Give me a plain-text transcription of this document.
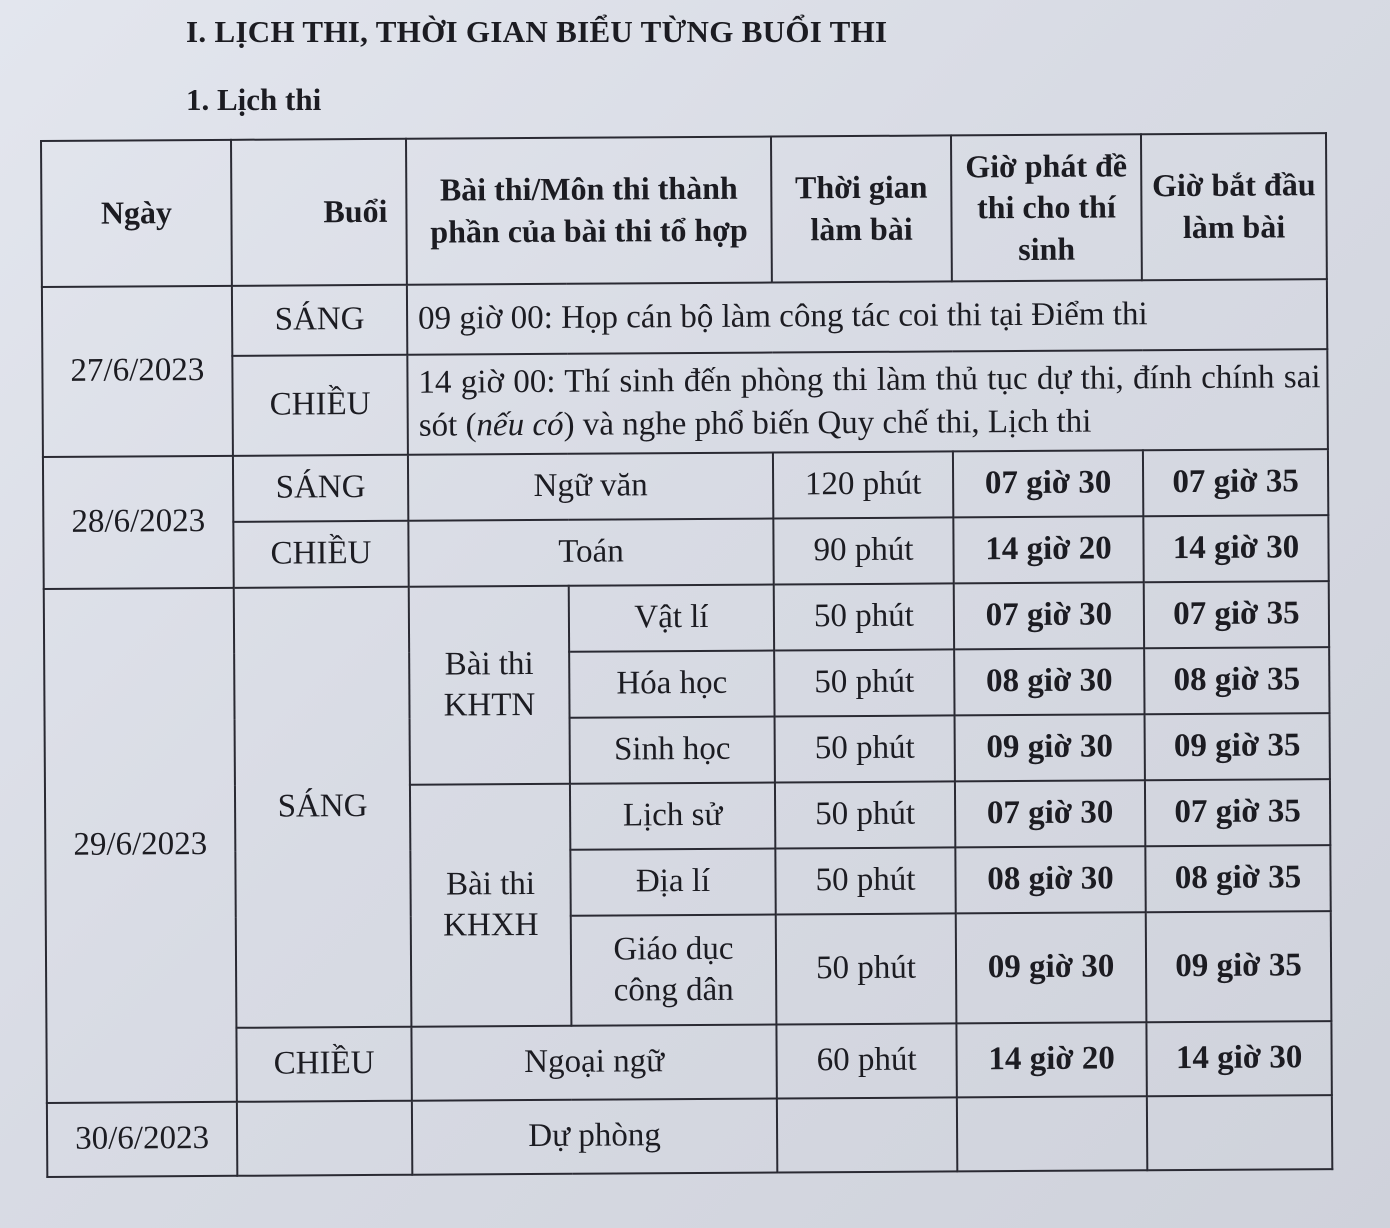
I. LỊCH THI, THỜI GIAN BIỂU TỪNG BUỔI THI
1. Lịch thi
Ngày	Buổi	Bài thi/Môn thi thành phần của bài thi tổ hợp		Thời gian làm bài	Giờ phát đề thi cho thí sinh	Giờ bắt đầu làm bài
27/6/2023	SÁNG	09 giờ 00: Họp cán bộ làm công tác coi thi tại Điểm thi				
	CHIỀU	14 giờ 00: Thí sinh đến phòng thi làm thủ tục dự thi, đính chính sai sót (nếu có) và nghe phổ biến Quy chế thi, Lịch thi				
28/6/2023	SÁNG	Ngữ văn		120 phút	07 giờ 30	07 giờ 35
	CHIỀU	Toán		90 phút	14 giờ 20	14 giờ 30
29/6/2023	SÁNG	Bài thi KHTN	Vật lí	50 phút	07 giờ 30	07 giờ 35
			Hóa học	50 phút	08 giờ 30	08 giờ 35
			Sinh học	50 phút	09 giờ 30	09 giờ 35
		Bài thi KHXH	Lịch sử	50 phút	07 giờ 30	07 giờ 35
			Địa lí	50 phút	08 giờ 30	08 giờ 35
			Giáo dục công dân	50 phút	09 giờ 30	09 giờ 35
	CHIỀU	Ngoại ngữ		60 phút	14 giờ 20	14 giờ 30
30/6/2023		Dự phòng				
